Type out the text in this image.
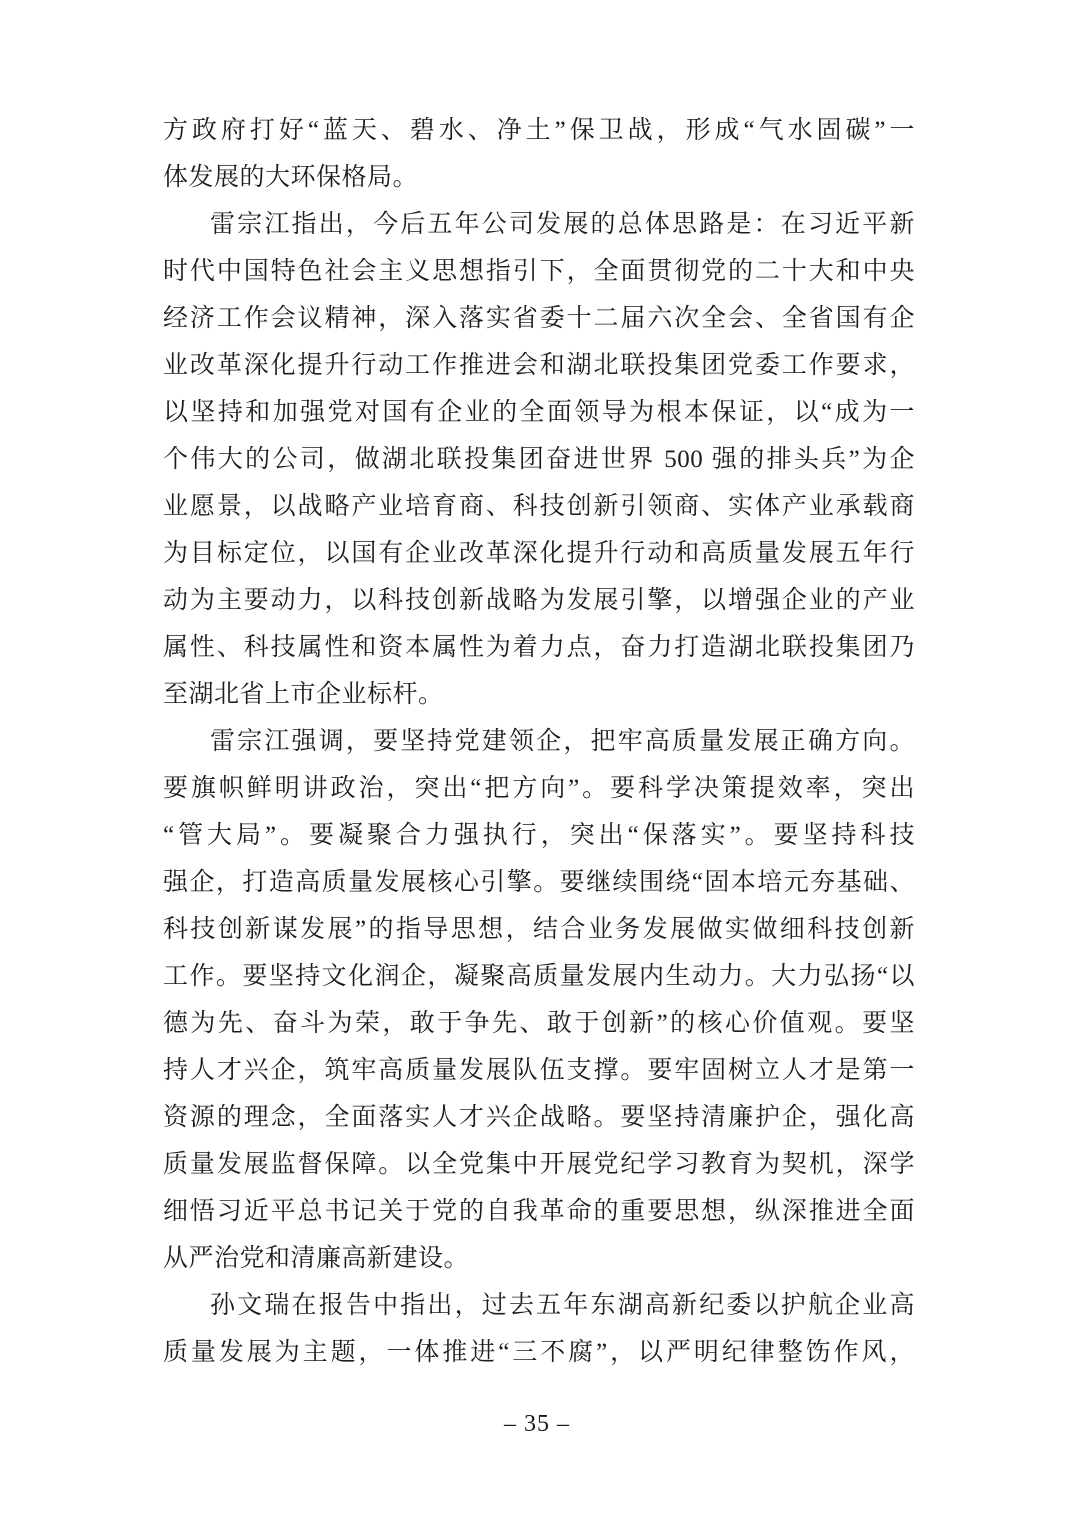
方政府打好“蓝天、碧水、净土”保卫战，形成“气水固碳”一
体发展的大环保格局。
雷宗江指出，今后五年公司发展的总体思路是：在习近平新
时代中国特色社会主义思想指引下，全面贯彻党的二十大和中央
经济工作会议精神，深入落实省委十二届六次全会、全省国有企
业改革深化提升行动工作推进会和湖北联投集团党委工作要求，
以坚持和加强党对国有企业的全面领导为根本保证，以“成为一
个伟大的公司，做湖北联投集团奋进世界 500 强的排头兵”为企
业愿景，以战略产业培育商、科技创新引领商、实体产业承载商
为目标定位，以国有企业改革深化提升行动和高质量发展五年行
动为主要动力，以科技创新战略为发展引擎，以增强企业的产业
属性、科技属性和资本属性为着力点，奋力打造湖北联投集团乃
至湖北省上市企业标杆。
雷宗江强调，要坚持党建领企，把牢高质量发展正确方向。
要旗帜鲜明讲政治，突出“把方向”。要科学决策提效率，突出
“管大局”。要凝聚合力强执行，突出“保落实”。要坚持科技
强企，打造高质量发展核心引擎。要继续围绕“固本培元夯基础、
科技创新谋发展”的指导思想，结合业务发展做实做细科技创新
工作。要坚持文化润企，凝聚高质量发展内生动力。大力弘扬“以
德为先、奋斗为荣，敢于争先、敢于创新”的核心价值观。要坚
持人才兴企，筑牢高质量发展队伍支撑。要牢固树立人才是第一
资源的理念，全面落实人才兴企战略。要坚持清廉护企，强化高
质量发展监督保障。以全党集中开展党纪学习教育为契机，深学
细悟习近平总书记关于党的自我革命的重要思想，纵深推进全面
从严治党和清廉高新建设。
孙文瑞在报告中指出，过去五年东湖高新纪委以护航企业高
质量发展为主题，一体推进“三不腐”，以严明纪律整饬作风，
– 35 –
